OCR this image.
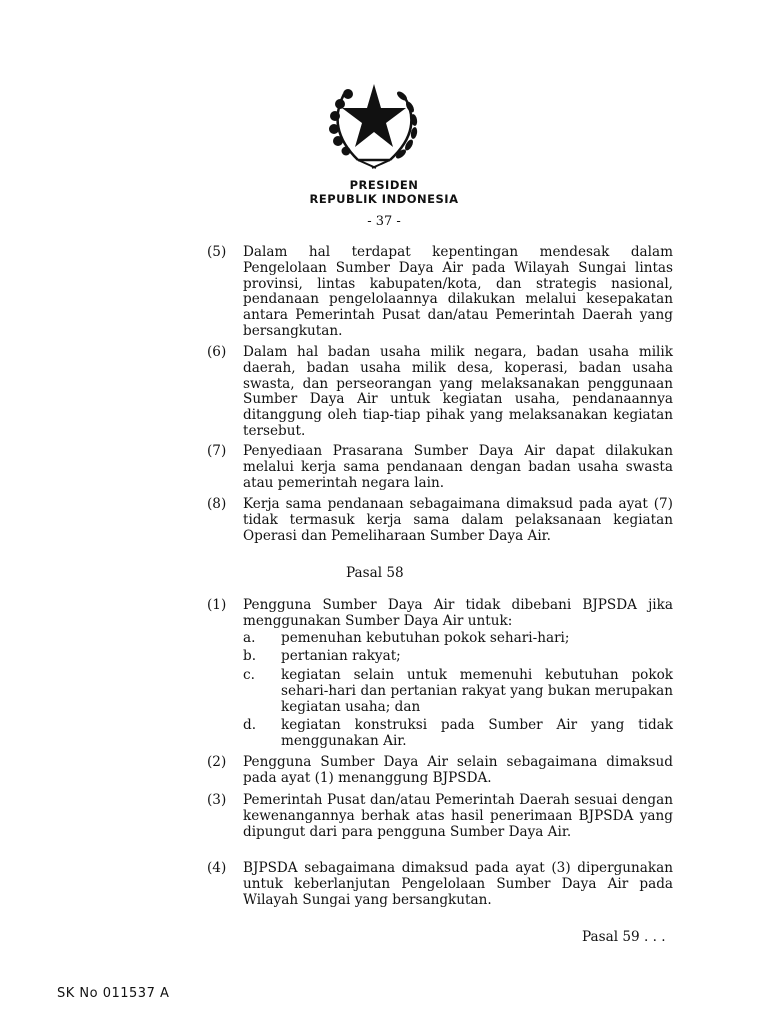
PRESIDEN
REPUBLIK INDONESIA
- 37 -
(5) Dalam hal terdapat kepentingan mendesak dalam Pengelolaan Sumber Daya Air pada Wilayah Sungai lintas provinsi, lintas kabupaten/kota, dan strategis nasional, pendanaan pengelolaannya dilakukan melalui kesepakatan antara Pemerintah Pusat dan/atau Pemerintah Daerah yang bersangkutan.
(6) Dalam hal badan usaha milik negara, badan usaha milik daerah, badan usaha milik desa, koperasi, badan usaha swasta, dan perseorangan yang melaksanakan penggunaan Sumber Daya Air untuk kegiatan usaha, pendanaannya ditanggung oleh tiap-tiap pihak yang melaksanakan kegiatan tersebut.
(7) Penyediaan Prasarana Sumber Daya Air dapat dilakukan melalui kerja sama pendanaan dengan badan usaha swasta atau pemerintah negara lain.
(8) Kerja sama pendanaan sebagaimana dimaksud pada ayat (7) tidak termasuk kerja sama dalam pelaksanaan kegiatan Operasi dan Pemeliharaan Sumber Daya Air.
Pasal 58
(1) Pengguna Sumber Daya Air tidak dibebani BJPSDA jika menggunakan Sumber Daya Air untuk:
a. pemenuhan kebutuhan pokok sehari-hari;
b. pertanian rakyat;
c. kegiatan selain untuk memenuhi kebutuhan pokok sehari-hari dan pertanian rakyat yang bukan merupakan kegiatan usaha; dan
d. kegiatan konstruksi pada Sumber Air yang tidak menggunakan Air.
(2) Pengguna Sumber Daya Air selain sebagaimana dimaksud pada ayat (1) menanggung BJPSDA.
(3) Pemerintah Pusat dan/atau Pemerintah Daerah sesuai dengan kewenangannya berhak atas hasil penerimaan BJPSDA yang dipungut dari para pengguna Sumber Daya Air.
(4) BJPSDA sebagaimana dimaksud pada ayat (3) dipergunakan untuk keberlanjutan Pengelolaan Sumber Daya Air pada Wilayah Sungai yang bersangkutan.
Pasal 59 . . .
SK No 011537 A
